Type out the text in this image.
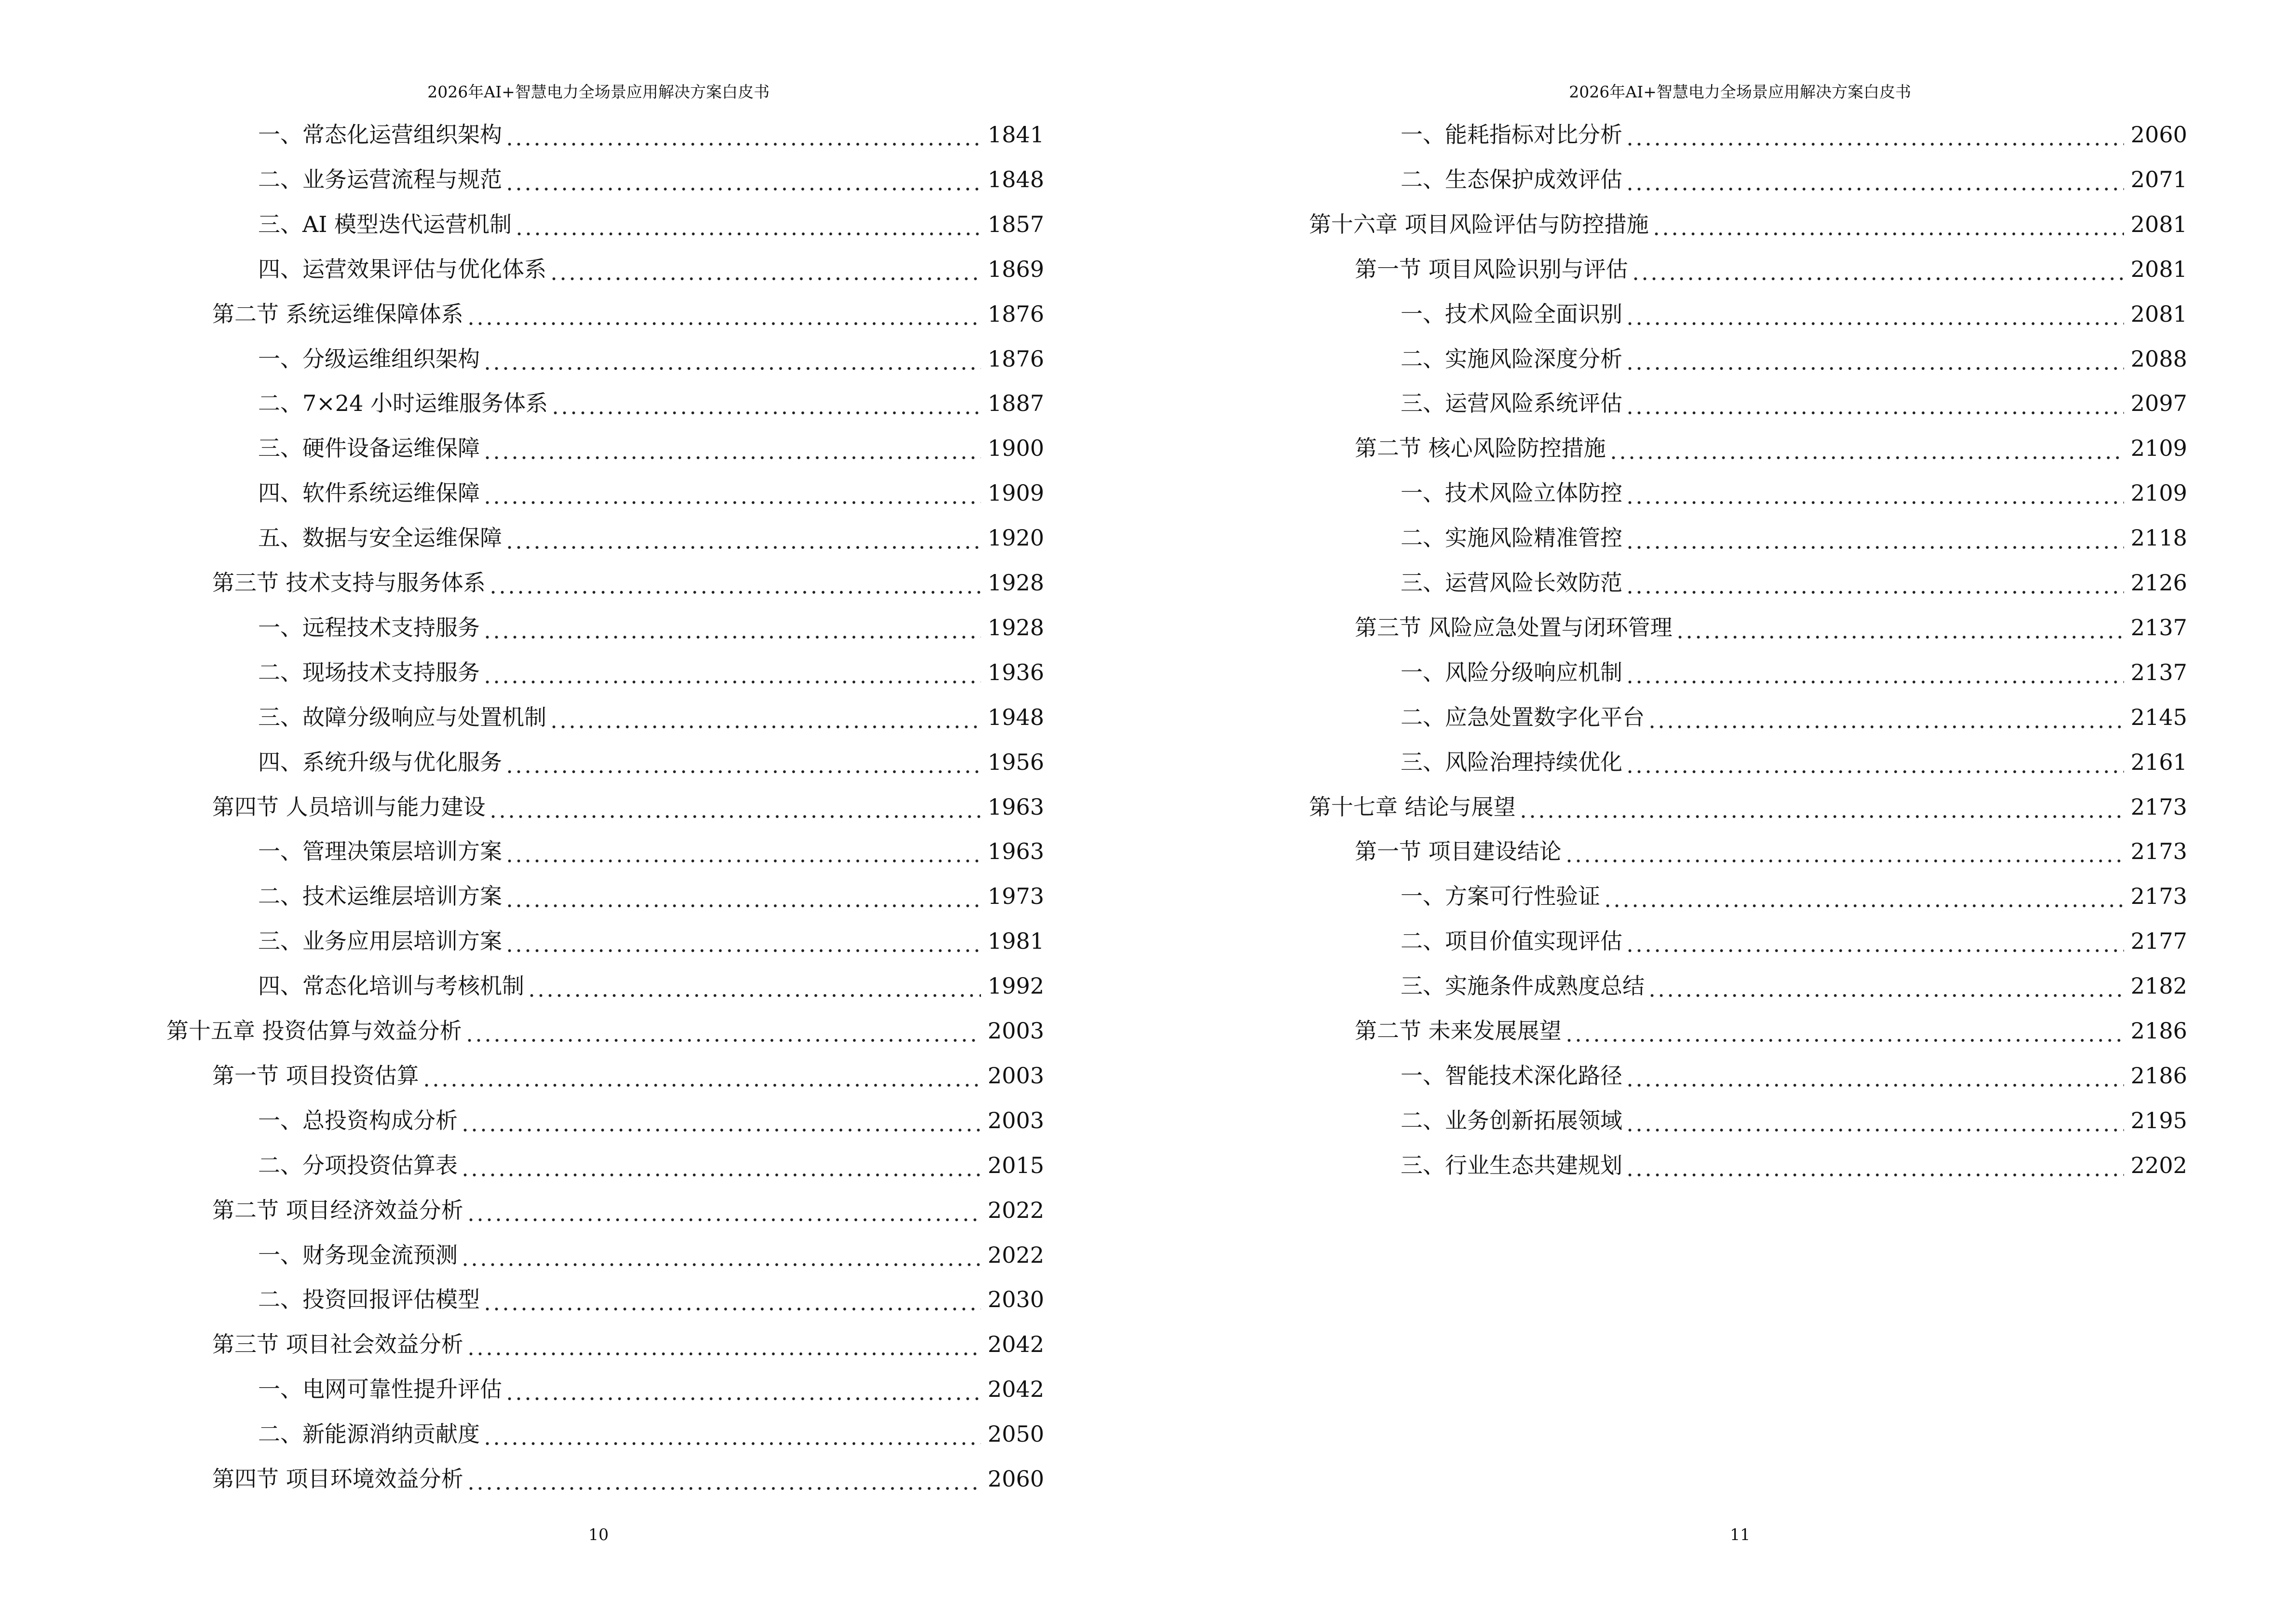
2026年AI+智慧电力全场景应用解决方案白皮书
一、常态化运营组织架构	1841
二、业务运营流程与规范	1848
三、AI 模型迭代运营机制	1857
四、运营效果评估与优化体系	1869
第二节 系统运维保障体系	1876
一、分级运维组织架构	1876
二、7×24 小时运维服务体系	1887
三、硬件设备运维保障	1900
四、软件系统运维保障	1909
五、数据与安全运维保障	1920
第三节 技术支持与服务体系	1928
一、远程技术支持服务	1928
二、现场技术支持服务	1936
三、故障分级响应与处置机制	1948
四、系统升级与优化服务	1956
第四节 人员培训与能力建设	1963
一、管理决策层培训方案	1963
二、技术运维层培训方案	1973
三、业务应用层培训方案	1981
四、常态化培训与考核机制	1992
第十五章 投资估算与效益分析	2003
第一节 项目投资估算	2003
一、总投资构成分析	2003
二、分项投资估算表	2015
第二节 项目经济效益分析	2022
一、财务现金流预测	2022
二、投资回报评估模型	2030
第三节 项目社会效益分析	2042
一、电网可靠性提升评估	2042
二、新能源消纳贡献度	2050
第四节 项目环境效益分析	2060
10
2026年AI+智慧电力全场景应用解决方案白皮书
一、能耗指标对比分析	2060
二、生态保护成效评估	2071
第十六章 项目风险评估与防控措施	2081
第一节 项目风险识别与评估	2081
一、技术风险全面识别	2081
二、实施风险深度分析	2088
三、运营风险系统评估	2097
第二节 核心风险防控措施	2109
一、技术风险立体防控	2109
二、实施风险精准管控	2118
三、运营风险长效防范	2126
第三节 风险应急处置与闭环管理	2137
一、风险分级响应机制	2137
二、应急处置数字化平台	2145
三、风险治理持续优化	2161
第十七章 结论与展望	2173
第一节 项目建设结论	2173
一、方案可行性验证	2173
二、项目价值实现评估	2177
三、实施条件成熟度总结	2182
第二节 未来发展展望	2186
一、智能技术深化路径	2186
二、业务创新拓展领域	2195
三、行业生态共建规划	2202
11
